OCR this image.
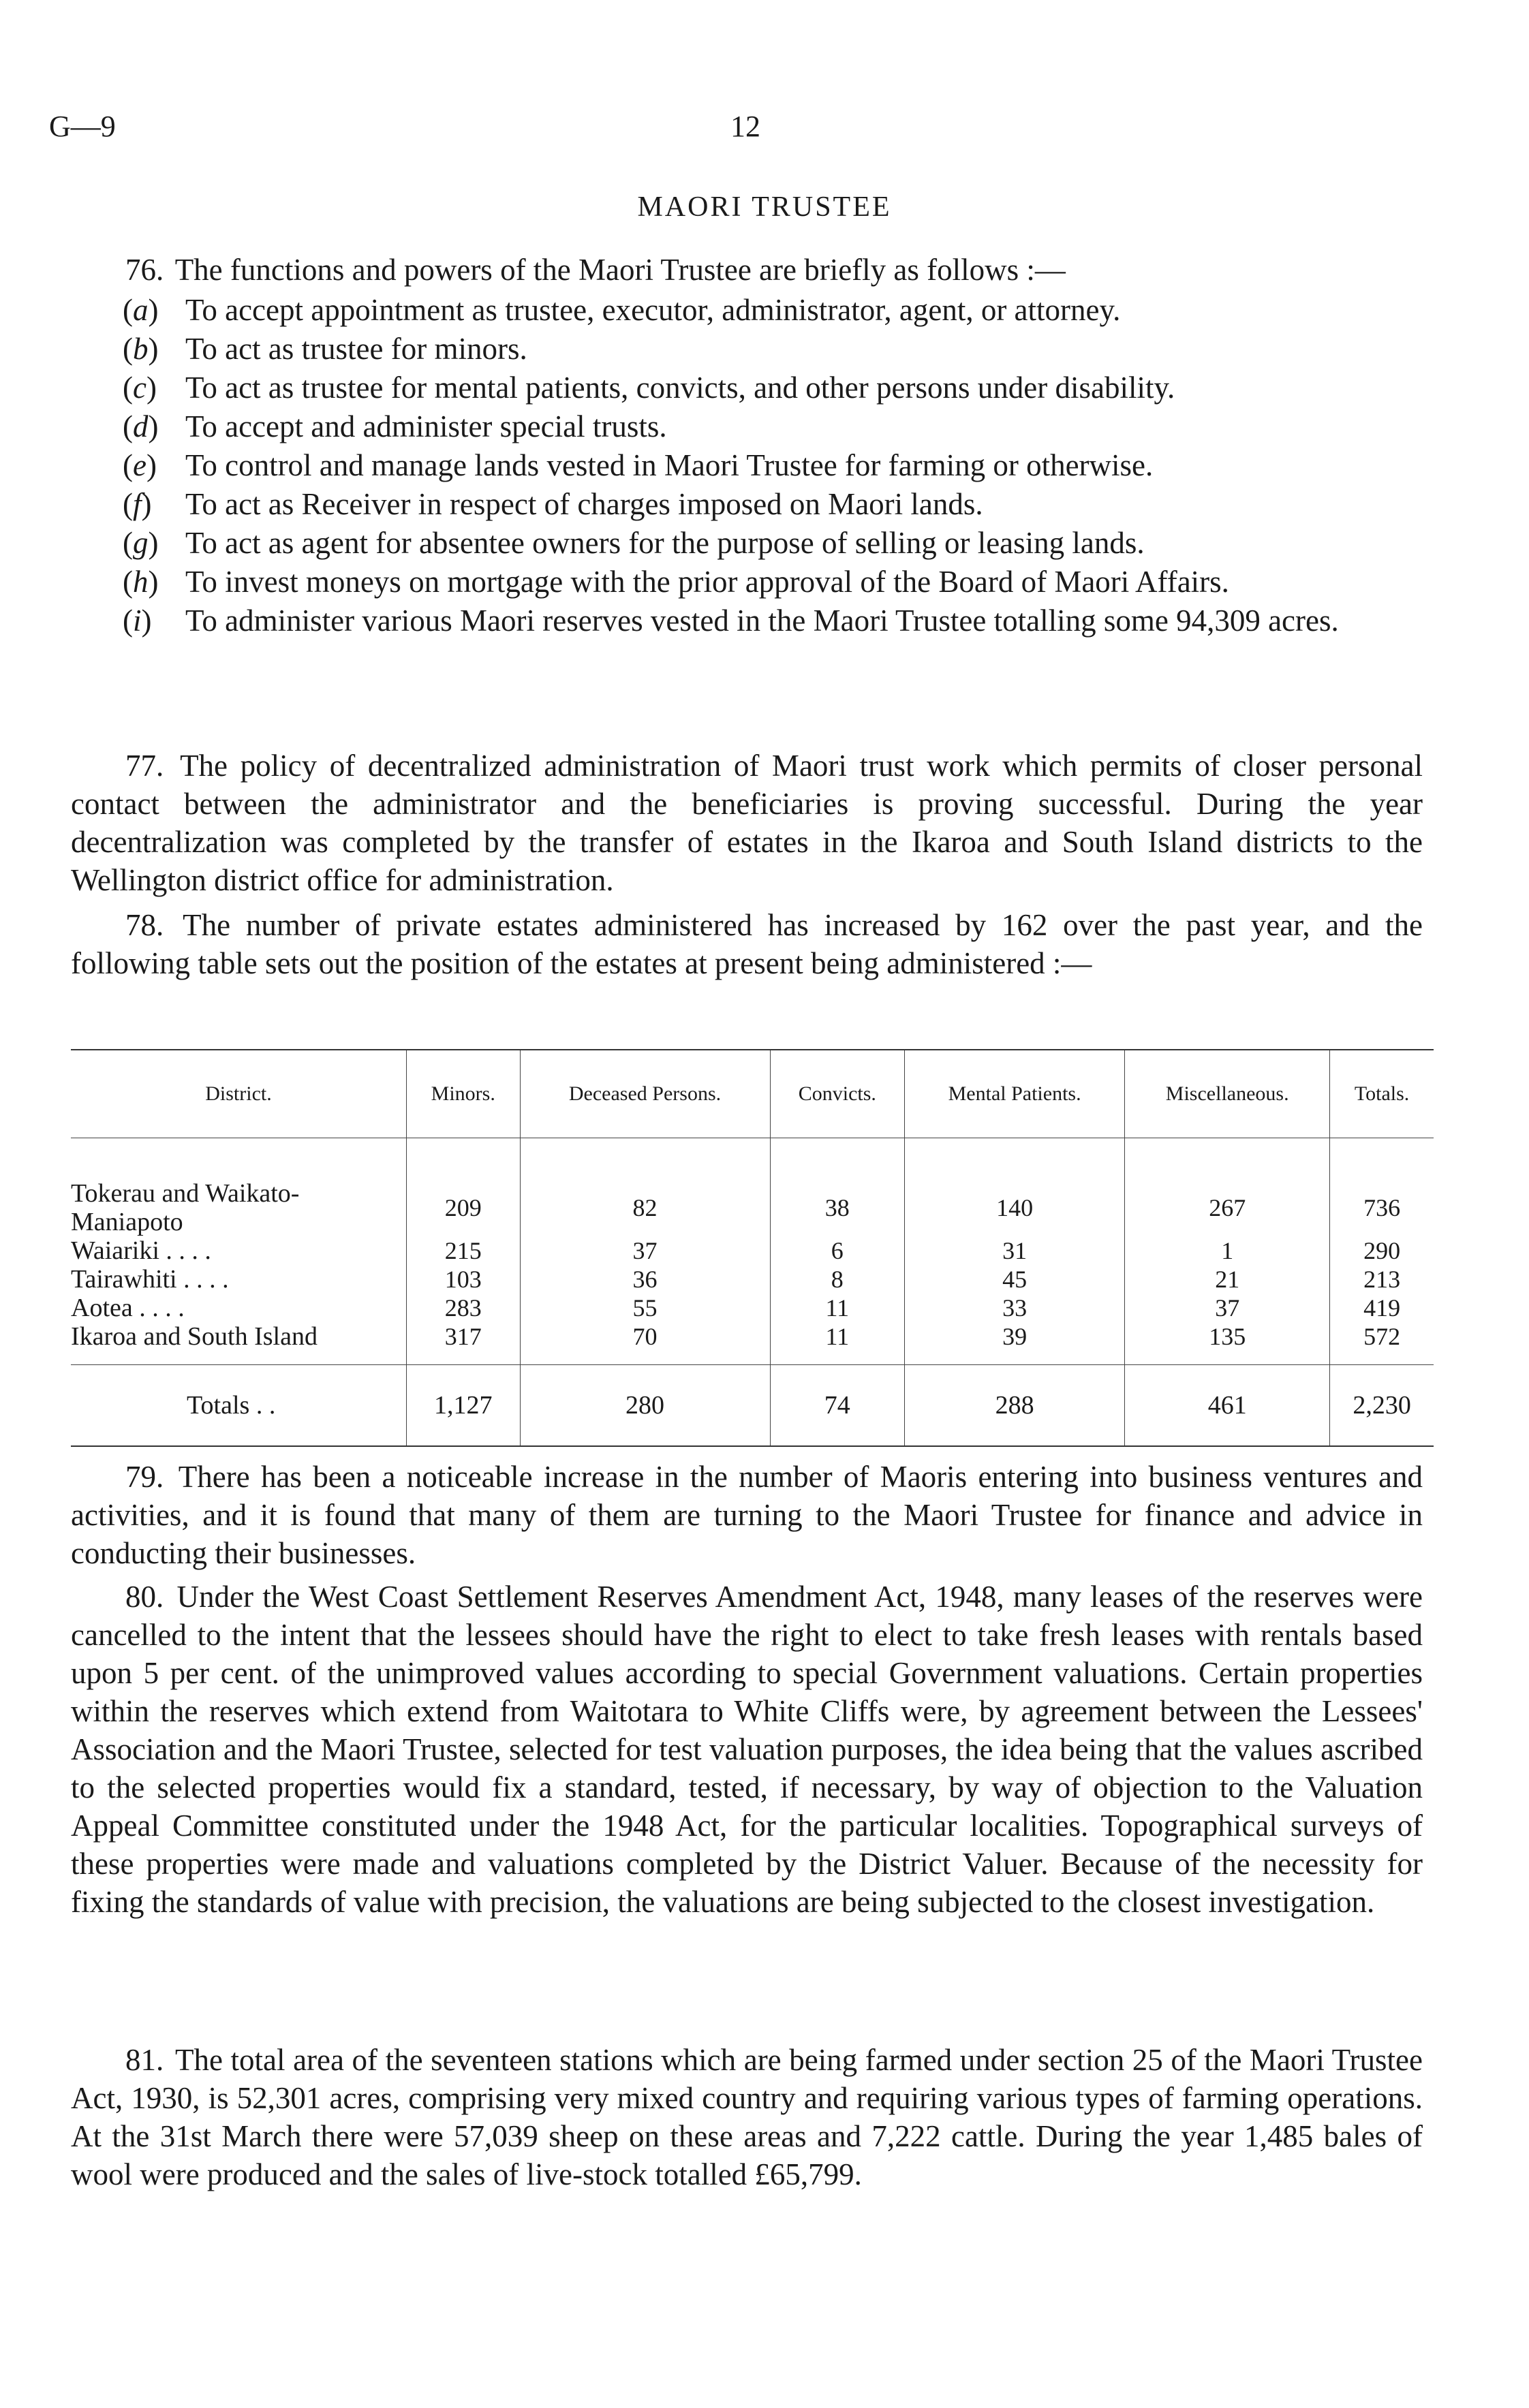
G—9	12
MAORI TRUSTEE

76. The functions and powers of the Maori Trustee are briefly as follows :—

(a) To accept appointment as trustee, executor, administrator, agent, or attorney.
(b) To act as trustee for minors.
(c) To act as trustee for mental patients, convicts, and other persons under disability.
(d) To accept and administer special trusts.
(e) To control and manage lands vested in Maori Trustee for farming or otherwise.
(f) To act as Receiver in respect of charges imposed on Maori lands.
(g) To act as agent for absentee owners for the purpose of selling or leasing lands.
(h) To invest moneys on mortgage with the prior approval of the Board of Maori Affairs.
(i) To administer various Maori reserves vested in the Maori Trustee totalling some 94,309 acres.

77. The policy of decentralized administration of Maori trust work which permits of closer personal contact between the administrator and the beneficiaries is proving successful. During the year decentralization was completed by the transfer of estates in the Ikaroa and South Island districts to the Wellington district office for administration.

78. The number of private estates administered has increased by 162 over the past year, and the following table sets out the position of the estates at present being administered :—

District.	Minors.	Deceased Persons.	Convicts.	Mental Patients.	Miscellaneous.	Totals.

Tokerau and Waikato-Maniapoto	209	82	38	140	267	736
Waiariki . . . .	215	37	6	31	1	290
Tairawhiti . . . .	103	36	8	45	21	213
Aotea . . . .	283	55	11	33	37	419
Ikaroa and South Island	317	70	11	39	135	572

Totals . .	1,127	280	74	288	461	2,230

79. There has been a noticeable increase in the number of Maoris entering into business ventures and activities, and it is found that many of them are turning to the Maori Trustee for finance and advice in conducting their businesses.

80. Under the West Coast Settlement Reserves Amendment Act, 1948, many leases of the reserves were cancelled to the intent that the lessees should have the right to elect to take fresh leases with rentals based upon 5 per cent. of the unimproved values according to special Government valuations. Certain properties within the reserves which extend from Waitotara to White Cliffs were, by agreement between the Lessees' Association and the Maori Trustee, selected for test valuation purposes, the idea being that the values ascribed to the selected properties would fix a standard, tested, if necessary, by way of objection to the Valuation Appeal Committee constituted under the 1948 Act, for the particular localities. Topographical surveys of these properties were made and valuations completed by the District Valuer. Because of the necessity for fixing the standards of value with precision, the valuations are being subjected to the closest investigation.

81. The total area of the seventeen stations which are being farmed under section 25 of the Maori Trustee Act, 1930, is 52,301 acres, comprising very mixed country and requiring various types of farming operations. At the 31st March there were 57,039 sheep on these areas and 7,222 cattle. During the year 1,485 bales of wool were produced and the sales of live-stock totalled £65,799.
